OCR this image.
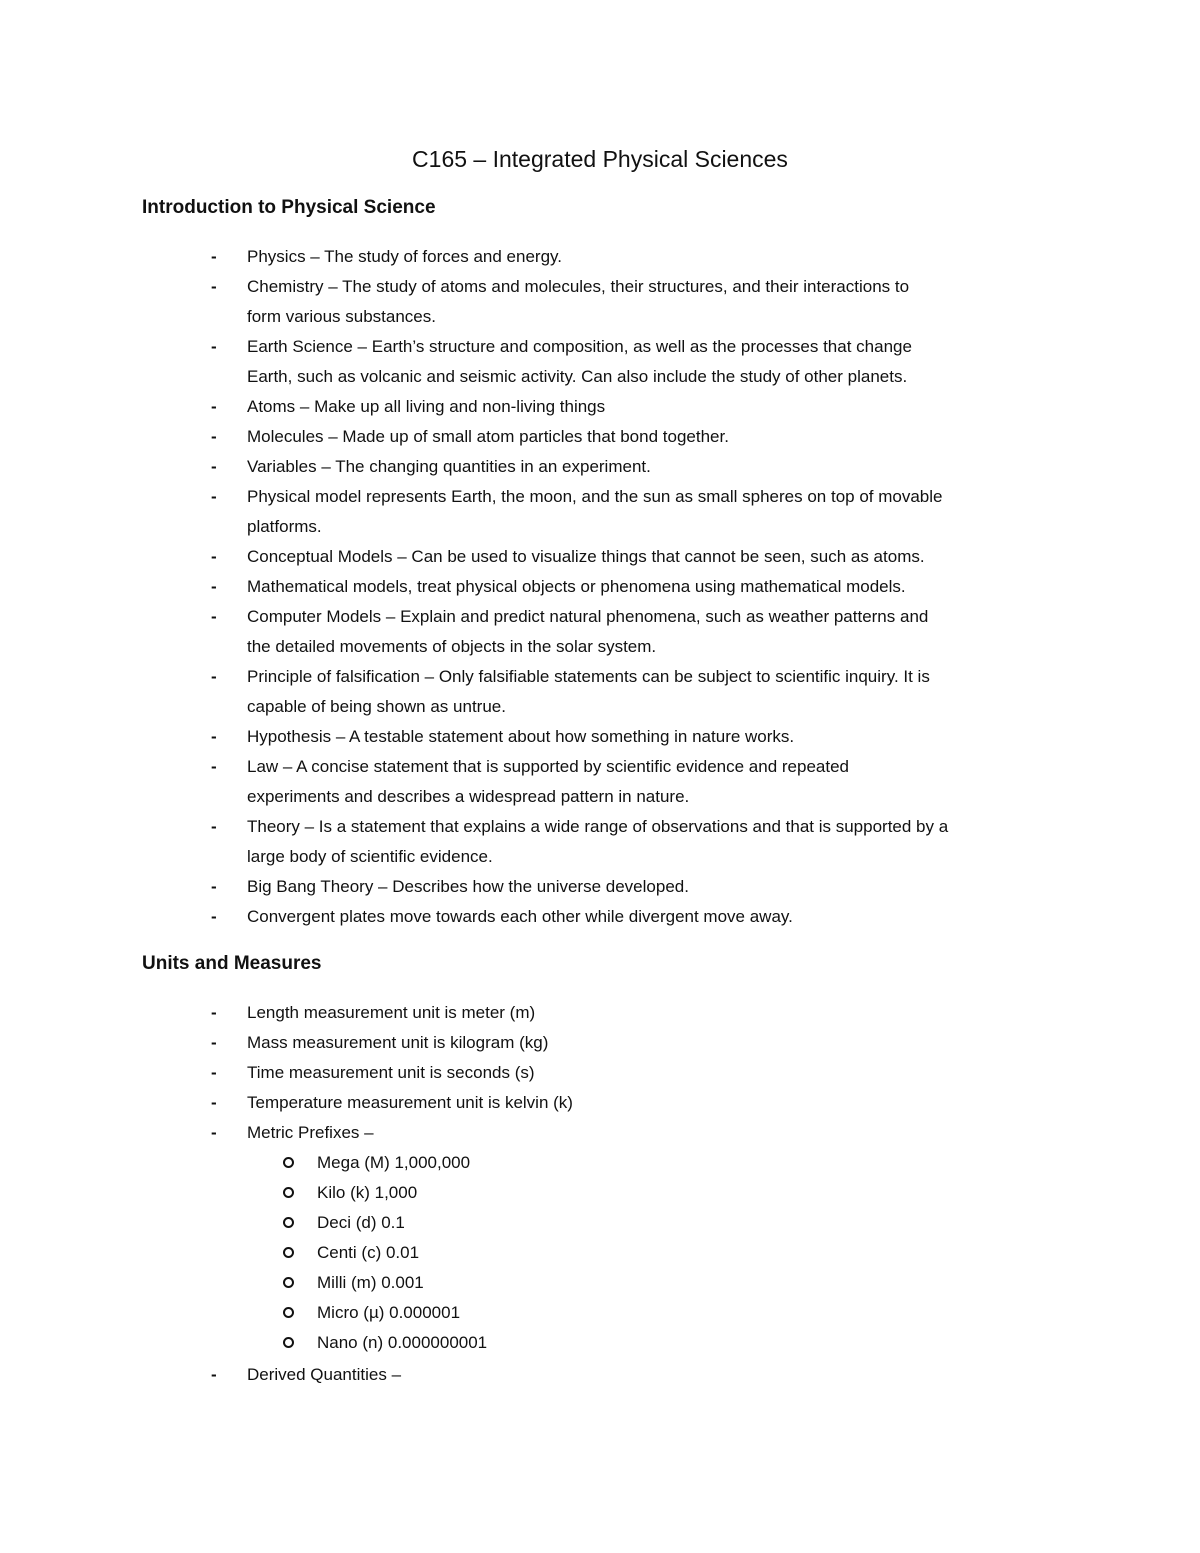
C165 – Integrated Physical Sciences
Introduction to Physical Science
-	Physics – The study of forces and energy.
-	Chemistry – The study of atoms and molecules, their structures, and their interactions to
form various substances.
-	Earth Science – Earth’s structure and composition, as well as the processes that change
Earth, such as volcanic and seismic activity. Can also include the study of other planets.
-	Atoms – Make up all living and non-living things
-	Molecules – Made up of small atom particles that bond together.
-	Variables – The changing quantities in an experiment.
-	Physical model represents Earth, the moon, and the sun as small spheres on top of movable
platforms.
-	Conceptual Models – Can be used to visualize things that cannot be seen, such as atoms.
-	Mathematical models, treat physical objects or phenomena using mathematical models.
-	Computer Models – Explain and predict natural phenomena, such as weather patterns and
the detailed movements of objects in the solar system.
-	Principle of falsification – Only falsifiable statements can be subject to scientific inquiry. It is
capable of being shown as untrue.
-	Hypothesis – A testable statement about how something in nature works.
-	Law – A concise statement that is supported by scientific evidence and repeated
experiments and describes a widespread pattern in nature.
-	Theory – Is a statement that explains a wide range of observations and that is supported by a
large body of scientific evidence.
-	Big Bang Theory – Describes how the universe developed.
-	Convergent plates move towards each other while divergent move away.
Units and Measures
-	Length measurement unit is meter (m)
-	Mass measurement unit is kilogram (kg)
-	Time measurement unit is seconds (s)
-	Temperature measurement unit is kelvin (k)
-	Metric Prefixes –
Mega (M) 1,000,000
Kilo (k) 1,000
Deci (d) 0.1
Centi (c) 0.01
Milli (m) 0.001
Micro (µ) 0.000001
Nano (n) 0.000000001
-	Derived Quantities –
